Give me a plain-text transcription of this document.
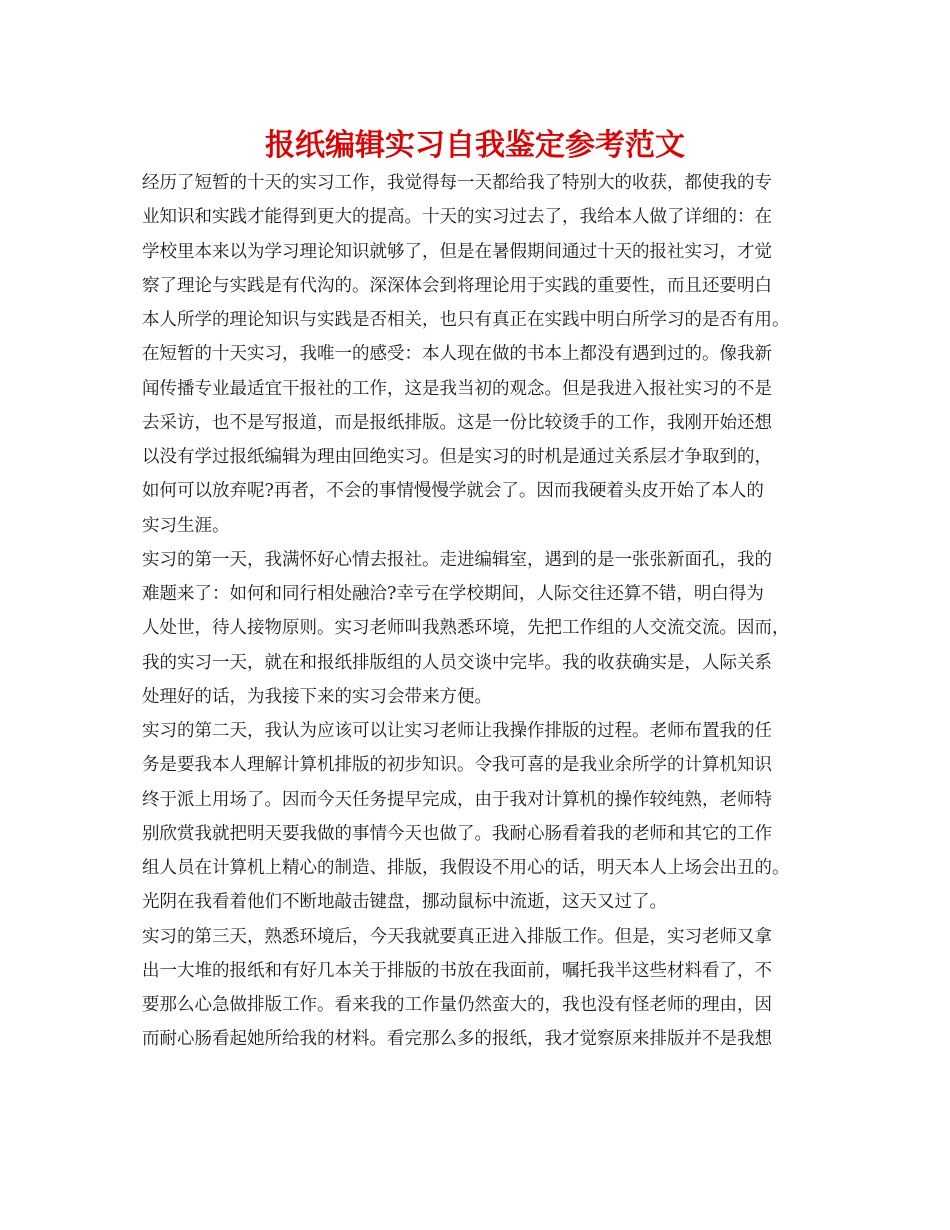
报纸编辑实习自我鉴定参考范文
经历了短暂的十天的实习工作，我觉得每一天都给我了特别大的收获，都使我的专
业知识和实践才能得到更大的提高。十天的实习过去了，我给本人做了详细的：在
学校里本来以为学习理论知识就够了，但是在暑假期间通过十天的报社实习，才觉
察了理论与实践是有代沟的。深深体会到将理论用于实践的重要性，而且还要明白
本人所学的理论知识与实践是否相关，也只有真正在实践中明白所学习的是否有用。
在短暂的十天实习，我唯一的感受：本人现在做的书本上都没有遇到过的。像我新
闻传播专业最适宜干报社的工作，这是我当初的观念。但是我进入报社实习的不是
去采访，也不是写报道，而是报纸排版。这是一份比较烫手的工作，我刚开始还想
以没有学过报纸编辑为理由回绝实习。但是实习的时机是通过关系层才争取到的，
如何可以放弃呢?再者，不会的事情慢慢学就会了。因而我硬着头皮开始了本人的
实习生涯。
实习的第一天，我满怀好心情去报社。走进编辑室，遇到的是一张张新面孔，我的
难题来了：如何和同行相处融洽?幸亏在学校期间，人际交往还算不错，明白得为
人处世，待人接物原则。实习老师叫我熟悉环境，先把工作组的人交流交流。因而，
我的实习一天，就在和报纸排版组的人员交谈中完毕。我的收获确实是，人际关系
处理好的话，为我接下来的实习会带来方便。
实习的第二天，我认为应该可以让实习老师让我操作排版的过程。老师布置我的任
务是要我本人理解计算机排版的初步知识。令我可喜的是我业余所学的计算机知识
终于派上用场了。因而今天任务提早完成，由于我对计算机的操作较纯熟，老师特
别欣赏我就把明天要我做的事情今天也做了。我耐心肠看着我的老师和其它的工作
组人员在计算机上精心的制造、排版，我假设不用心的话，明天本人上场会出丑的。
光阴在我看着他们不断地敲击键盘，挪动鼠标中流逝，这天又过了。
实习的第三天，熟悉环境后，今天我就要真正进入排版工作。但是，实习老师又拿
出一大堆的报纸和有好几本关于排版的书放在我面前，嘱托我半这些材料看了，不
要那么心急做排版工作。看来我的工作量仍然蛮大的，我也没有怪老师的理由，因
而耐心肠看起她所给我的材料。看完那么多的报纸，我才觉察原来排版并不是我想
